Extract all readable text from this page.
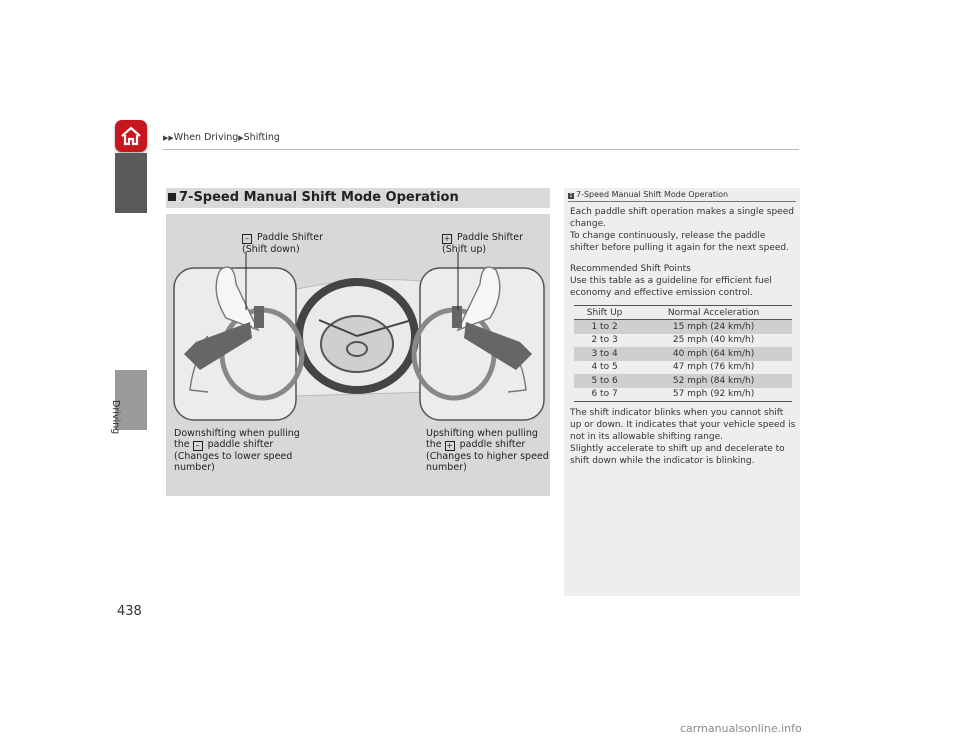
▶▶When Driving▶Shifting
Driving
438
7-Speed Manual Shift Mode Operation
– Paddle Shifter
(Shift down)
+ Paddle Shifter
(Shift up)
Downshifting when pulling
the – paddle shifter
(Changes to lower speed
number)
Upshifting when pulling
the + paddle shifter
(Changes to higher speed
number)
1 7-Speed Manual Shift Mode Operation
Each paddle shift operation makes a single speed change.
To change continuously, release the paddle shifter before pulling it again for the next speed.
Recommended Shift Points
Use this table as a guideline for efficient fuel economy and effective emission control.
Shift Up	Normal Acceleration
1 to 2	15 mph (24 km/h)
2 to 3	25 mph (40 km/h)
3 to 4	40 mph (64 km/h)
4 to 5	47 mph (76 km/h)
5 to 6	52 mph (84 km/h)
6 to 7	57 mph (92 km/h)
The shift indicator blinks when you cannot shift up or down. It indicates that your vehicle speed is not in its allowable shifting range.
Slightly accelerate to shift up and decelerate to shift down while the indicator is blinking.
carmanualsonline.info
